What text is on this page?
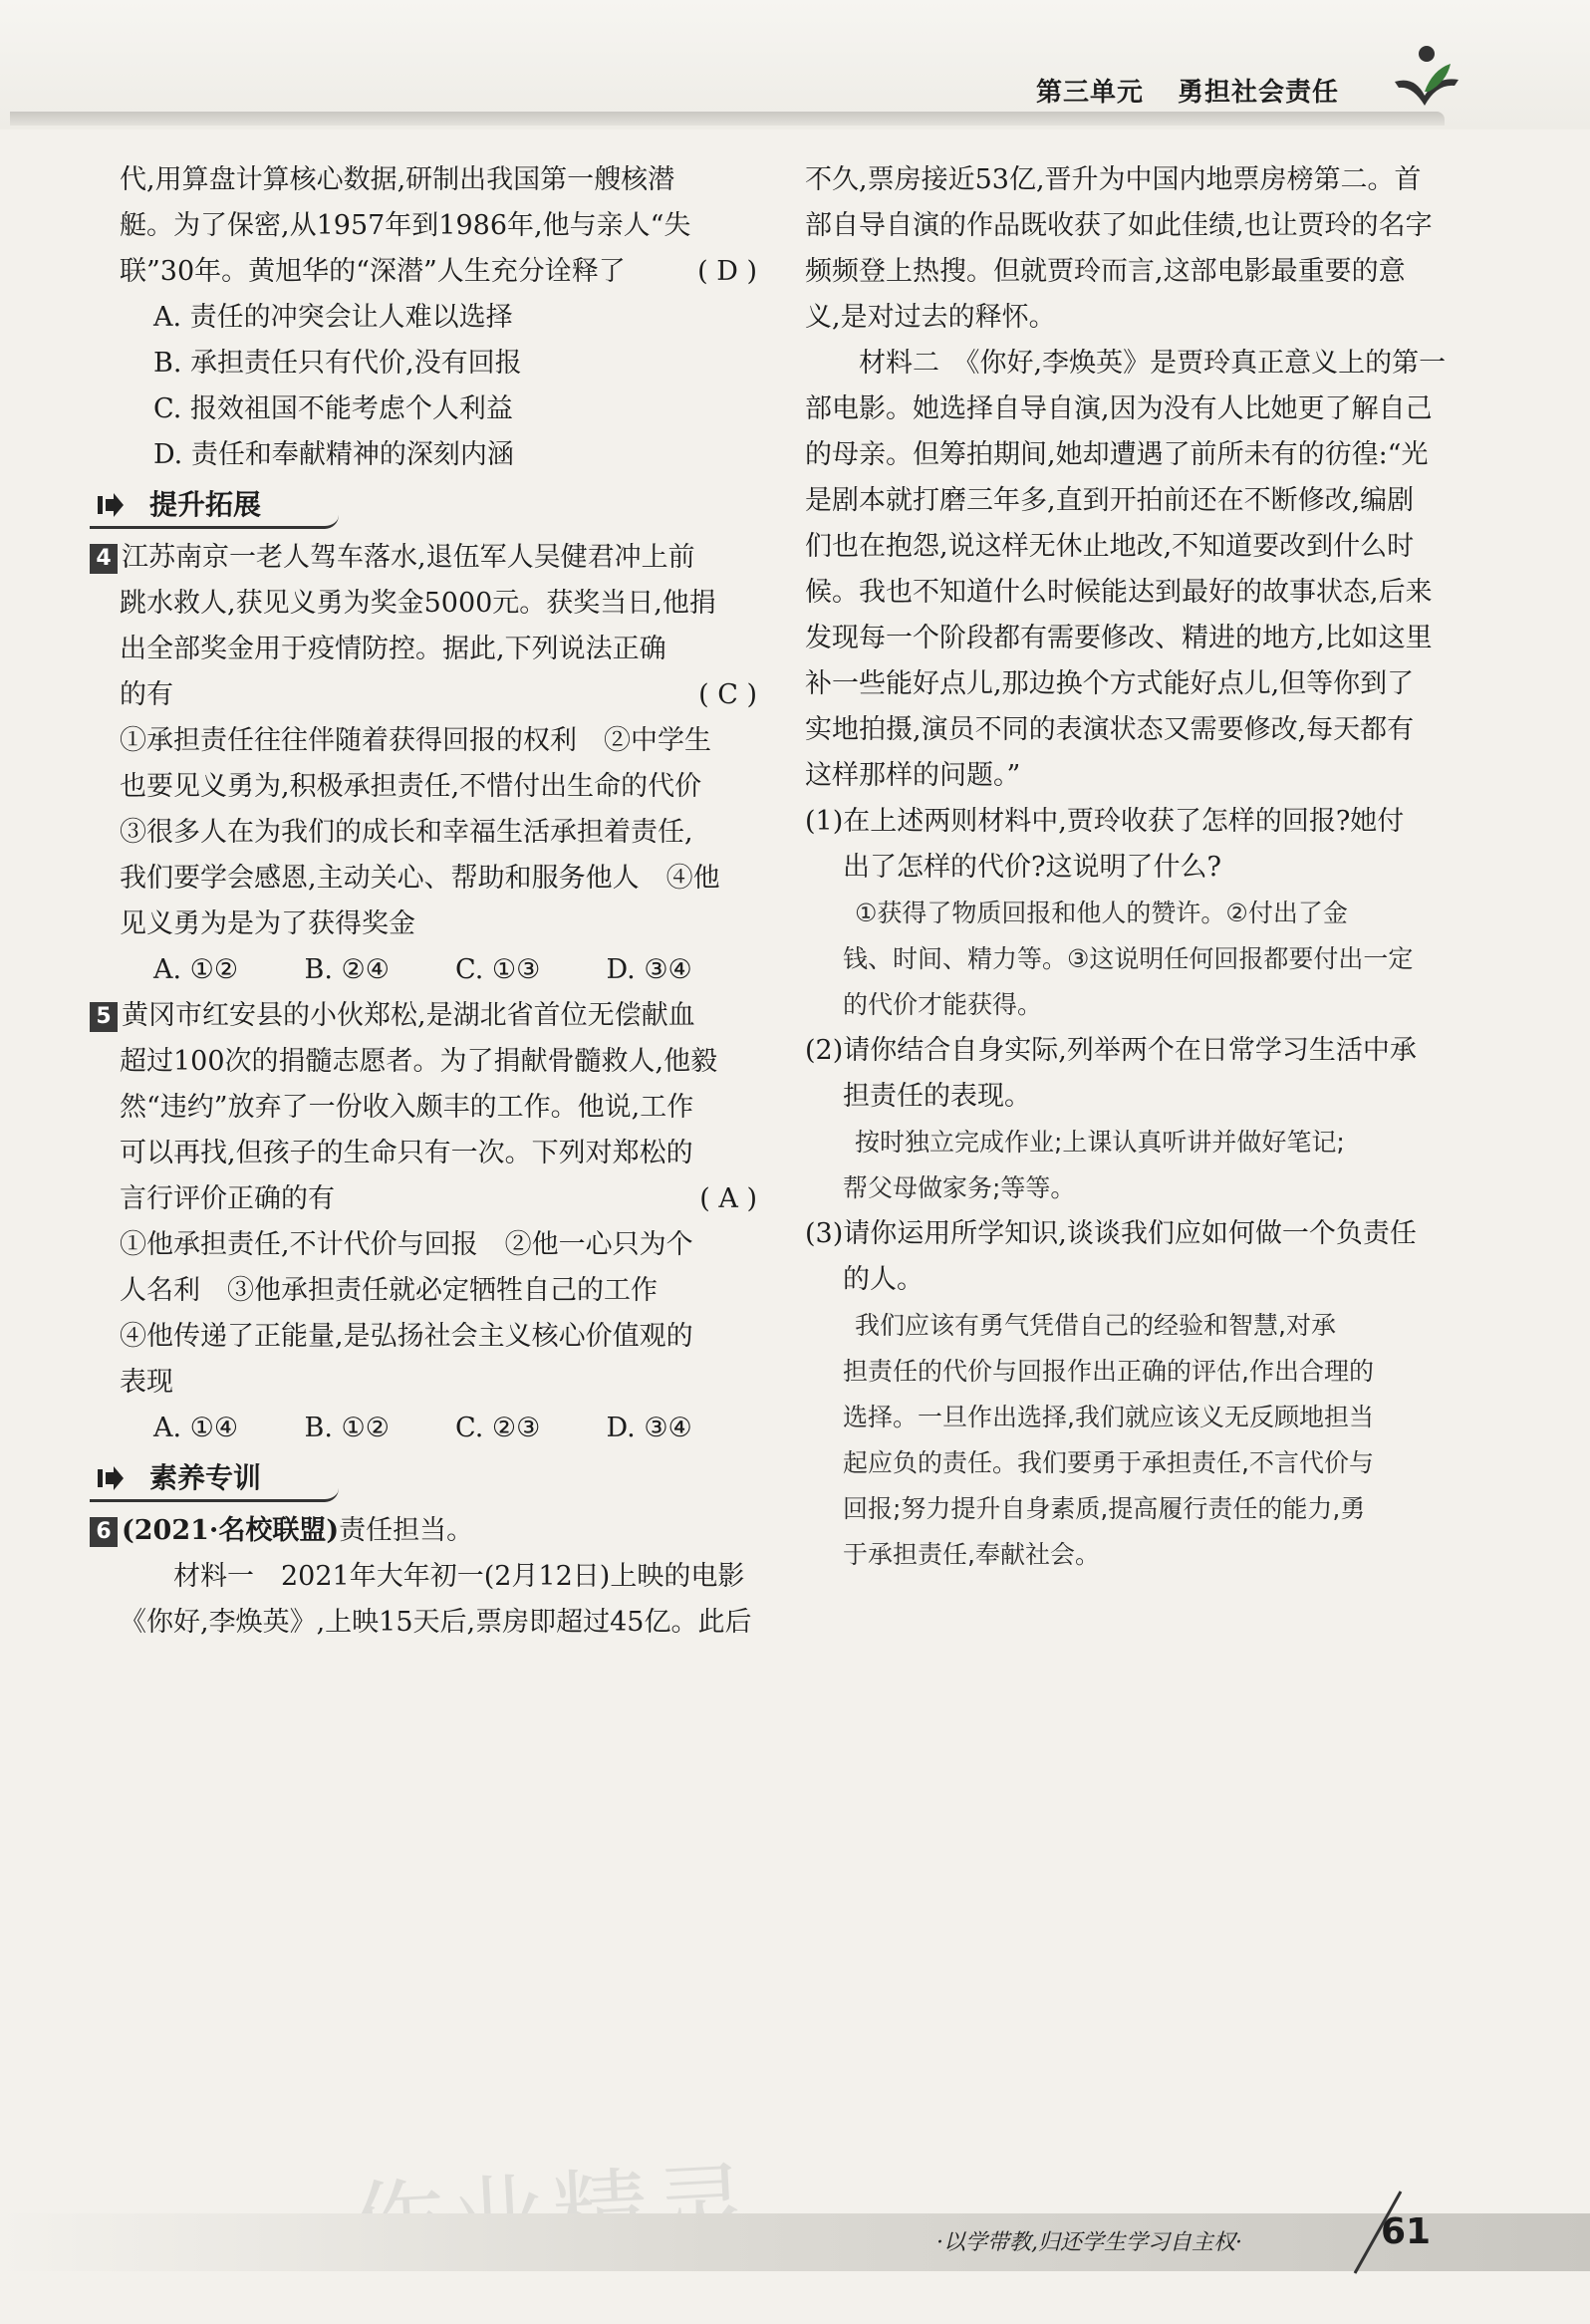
第三单元 勇担社会责任

代,用算盘计算核心数据,研制出我国第一艘核潜
艇。为了保密,从1957年到1986年,他与亲人“失
联”30年。黄旭华的“深潜”人生充分诠释了	( D )

A. 责任的冲突会让人难以选择
B. 承担责任只有代价,没有回报
C. 报效祖国不能考虑个人利益
D. 责任和奉献精神的深刻内涵
提升拓展

4 江苏南京一老人驾车落水,退伍军人吴健君冲上前
跳水救人,获见义勇为奖金5000元。获奖当日,他捐
出全部奖金用于疫情防控。据此,下列说法正确
的有	( C )

①承担责任往往伴随着获得回报的权利　②中学生
也要见义勇为,积极承担责任,不惜付出生命的代价
③很多人在为我们的成长和幸福生活承担着责任,
我们要学会感恩,主动关心、帮助和服务他人　④他
见义勇为是为了获得奖金

A. ①②	B. ②④	C. ①③	D. ③④

5 黄冈市红安县的小伙郑松,是湖北省首位无偿献血
超过100次的捐髓志愿者。为了捐献骨髓救人,他毅
然“违约”放弃了一份收入颇丰的工作。他说,工作
可以再找,但孩子的生命只有一次。下列对郑松的
言行评价正确的有	( A )

①他承担责任,不计代价与回报　②他一心只为个
人名利　③他承担责任就必定牺牲自己的工作
④他传递了正能量,是弘扬社会主义核心价值观的
表现

A. ①④	B. ①②	C. ②③	D. ③④
素养专训

6 (2021·名校联盟)责任担当。

材料一　2021年大年初一(2月12日)上映的电影

《你好,李焕英》,上映15天后,票房即超过45亿。此后

不久,票房接近53亿,晋升为中国内地票房榜第二。首
部自导自演的作品既收获了如此佳绩,也让贾玲的名字
频频登上热搜。但就贾玲而言,这部电影最重要的意
义,是对过去的释怀。

材料二　《你好,李焕英》是贾玲真正意义上的第一

部电影。她选择自导自演,因为没有人比她更了解自己
的母亲。但筹拍期间,她却遭遇了前所未有的彷徨:“光
是剧本就打磨三年多,直到开拍前还在不断修改,编剧
们也在抱怨,说这样无休止地改,不知道要改到什么时
候。我也不知道什么时候能达到最好的故事状态,后来
发现每一个阶段都有需要修改、精进的地方,比如这里
补一些能好点儿,那边换个方式能好点儿,但等你到了
实地拍摄,演员不同的表演状态又需要修改,每天都有
这样那样的问题。”

(1)在上述两则材料中,贾玲收获了怎样的回报?她付
出了怎样的代价?这说明了什么?

①获得了物质回报和他人的赞许。②付出了金

钱、时间、精力等。③这说明任何回报都要付出一定
的代价才能获得。

(2)请你结合自身实际,列举两个在日常学习生活中承
担责任的表现。

按时独立完成作业;上课认真听讲并做好笔记;

帮父母做家务;等等。

(3)请你运用所学知识,谈谈我们应如何做一个负责任
的人。

我们应该有勇气凭借自己的经验和智慧,对承

担责任的代价与回报作出正确的评估,作出合理的
选择。一旦作出选择,我们就应该义无反顾地担当
起应负的责任。我们要勇于承担责任,不言代价与
回报;努力提升自身素质,提高履行责任的能力,勇
于承担责任,奉献社会。

·以学带教,归还学生学习自主权·	61
